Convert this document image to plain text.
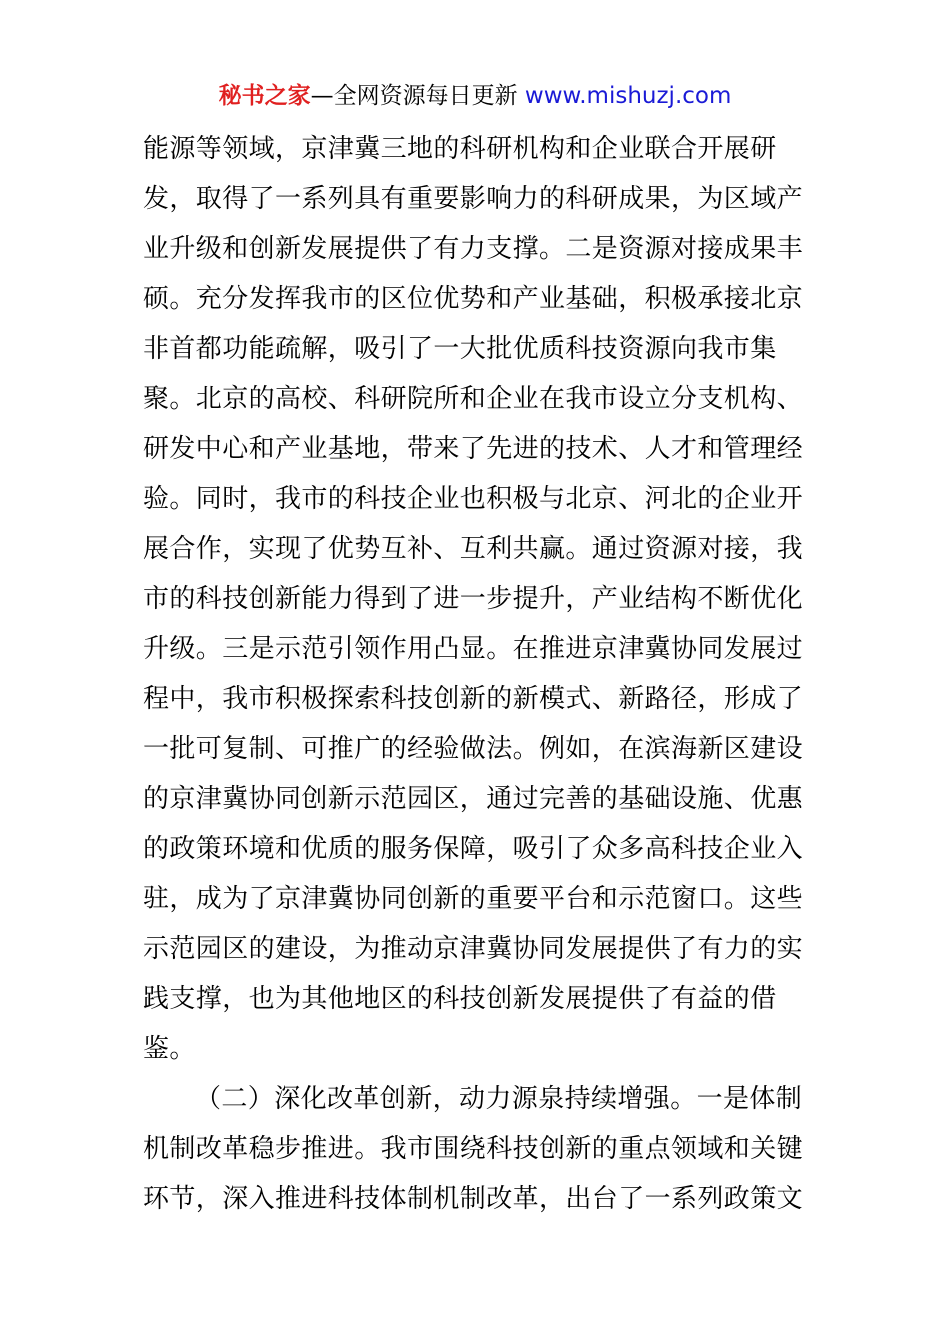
秘书之家—全网资源每日更新 www.mishuzj.com
能源等领域，京津冀三地的科研机构和企业联合开展研
发，取得了一系列具有重要影响力的科研成果，为区域产
业升级和创新发展提供了有力支撑。二是资源对接成果丰
硕。充分发挥我市的区位优势和产业基础，积极承接北京
非首都功能疏解，吸引了一大批优质科技资源向我市集
聚。北京的高校、科研院所和企业在我市设立分支机构、
研发中心和产业基地，带来了先进的技术、人才和管理经
验。同时，我市的科技企业也积极与北京、河北的企业开
展合作，实现了优势互补、互利共赢。通过资源对接，我
市的科技创新能力得到了进一步提升，产业结构不断优化
升级。三是示范引领作用凸显。在推进京津冀协同发展过
程中，我市积极探索科技创新的新模式、新路径，形成了
一批可复制、可推广的经验做法。例如，在滨海新区建设
的京津冀协同创新示范园区，通过完善的基础设施、优惠
的政策环境和优质的服务保障，吸引了众多高科技企业入
驻，成为了京津冀协同创新的重要平台和示范窗口。这些
示范园区的建设，为推动京津冀协同发展提供了有力的实
践支撑，也为其他地区的科技创新发展提供了有益的借
鉴。
（二）深化改革创新，动力源泉持续增强。一是体制
机制改革稳步推进。我市围绕科技创新的重点领域和关键
环节，深入推进科技体制机制改革，出台了一系列政策文
